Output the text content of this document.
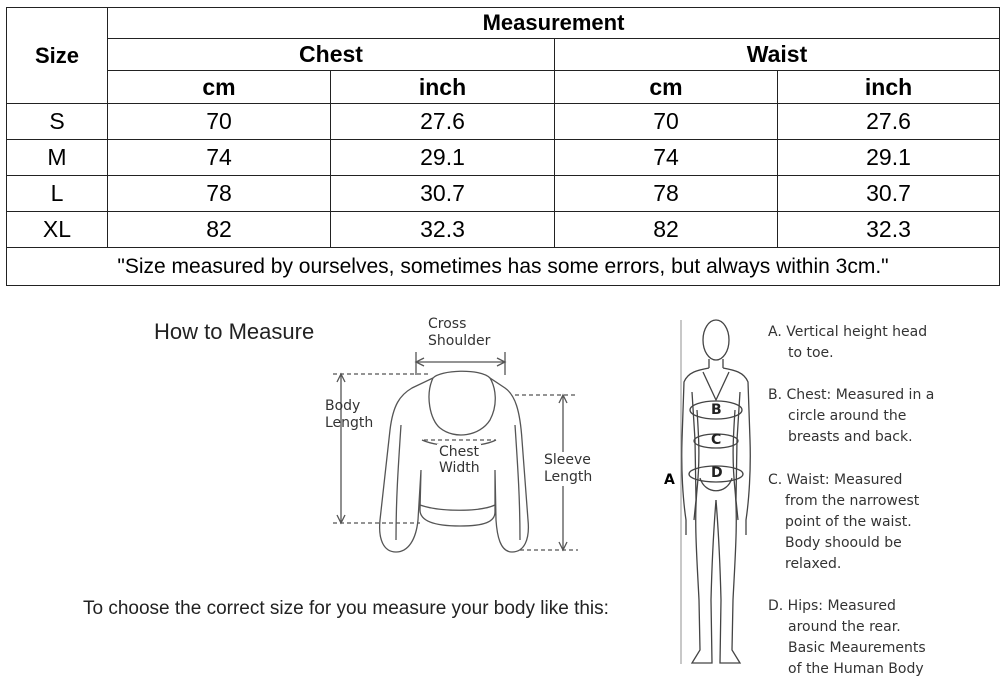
Size	Measurement			
	Chest		Waist	
	cm	inch	cm	inch
S	70	27.6	70	27.6
M	74	29.1	74	29.1
L	78	30.7	78	30.7
XL	82	32.3	82	32.3
"Size measured by ourselves, sometimes has some errors, but always within 3cm."				
How to Measure
To choose the correct size for you measure your body like this:
Cross
Shoulder
Body
Length
Chest
Width	Sleeve
Length
B
C
D
A

A. Vertical height head

to toe.

B. Chest: Measured in a

circle around the

breasts and back.

C. Waist: Measured

from the narrowest

point of the waist.

Body shoould be

relaxed.

D. Hips: Measured

around the rear.

Basic Meaurements

of the Human Body
